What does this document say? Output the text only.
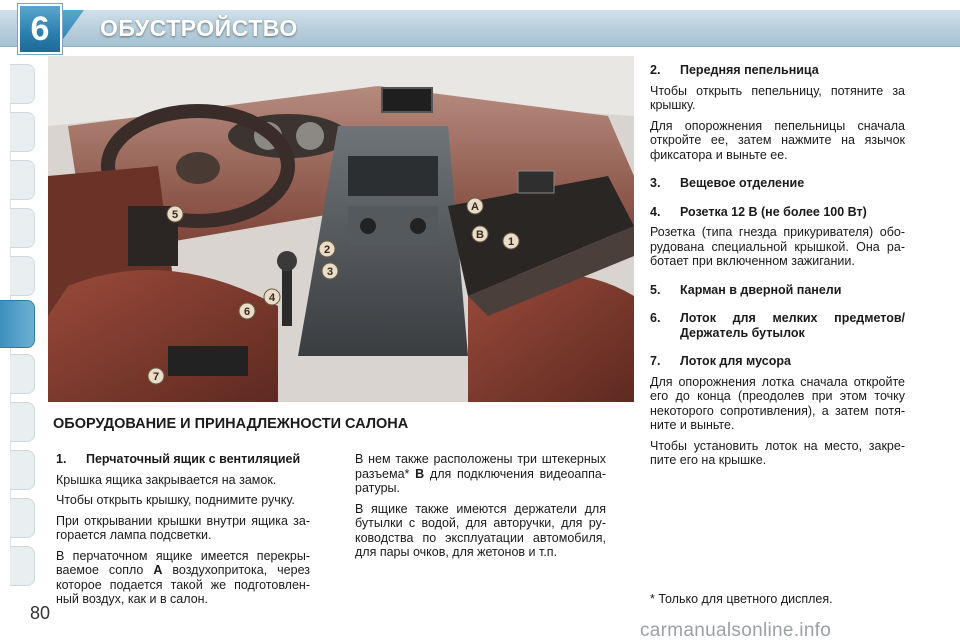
6	ОБУСТРОЙСТВО
5
2
3
4
6
7
A
B
1
ОБОРУДОВАНИЕ И ПРИНАДЛЕЖНОСТИ САЛОНА

1. Перчаточный ящик с вентиляцией

Крышка ящика закрывается на замок.

Чтобы открыть крышку, поднимите ручку.

При открывании крышки внутри ящика за-горается лампа подсветки.

В перчаточном ящике имеется перекры-ваемое сопло A воздухопритока, через которое подается такой же подготовлен-ный воздух, как и в салон.

В нем также расположены три штекерных разъема* B для подключения видеоаппа-ратуры.

В ящике также имеются держатели для бутылки с водой, для авторучки, для ру-ководства по эксплуатации автомобиля, для пары очков, для жетонов и т.п.

2.	Передняя пепельница

Чтобы открыть пепельницу, потяните за крышку.

Для опорожнения пепельницы сначала откройте ее, затем нажмите на язычок фиксатора и выньте ее.

3.	Вещевое отделение

4.	Розетка 12 В (не более 100 Вт)

Розетка (типа гнезда прикуривателя) обо-рудована специальной крышкой. Она ра-ботает при включенном зажигании.

5.	Карман в дверной панели

6.	Лоток для мелких предметов/ Держатель бутылок

7.	Лоток для мусора

Для опорожнения лотка сначала откройте его до конца (преодолев при этом точку некоторого сопротивления), а затем потя-ните и выньте.

Чтобы установить лоток на место, закре-пите его на крышке.

* Только для цветного дисплея.
80
carmanualsonline.info
